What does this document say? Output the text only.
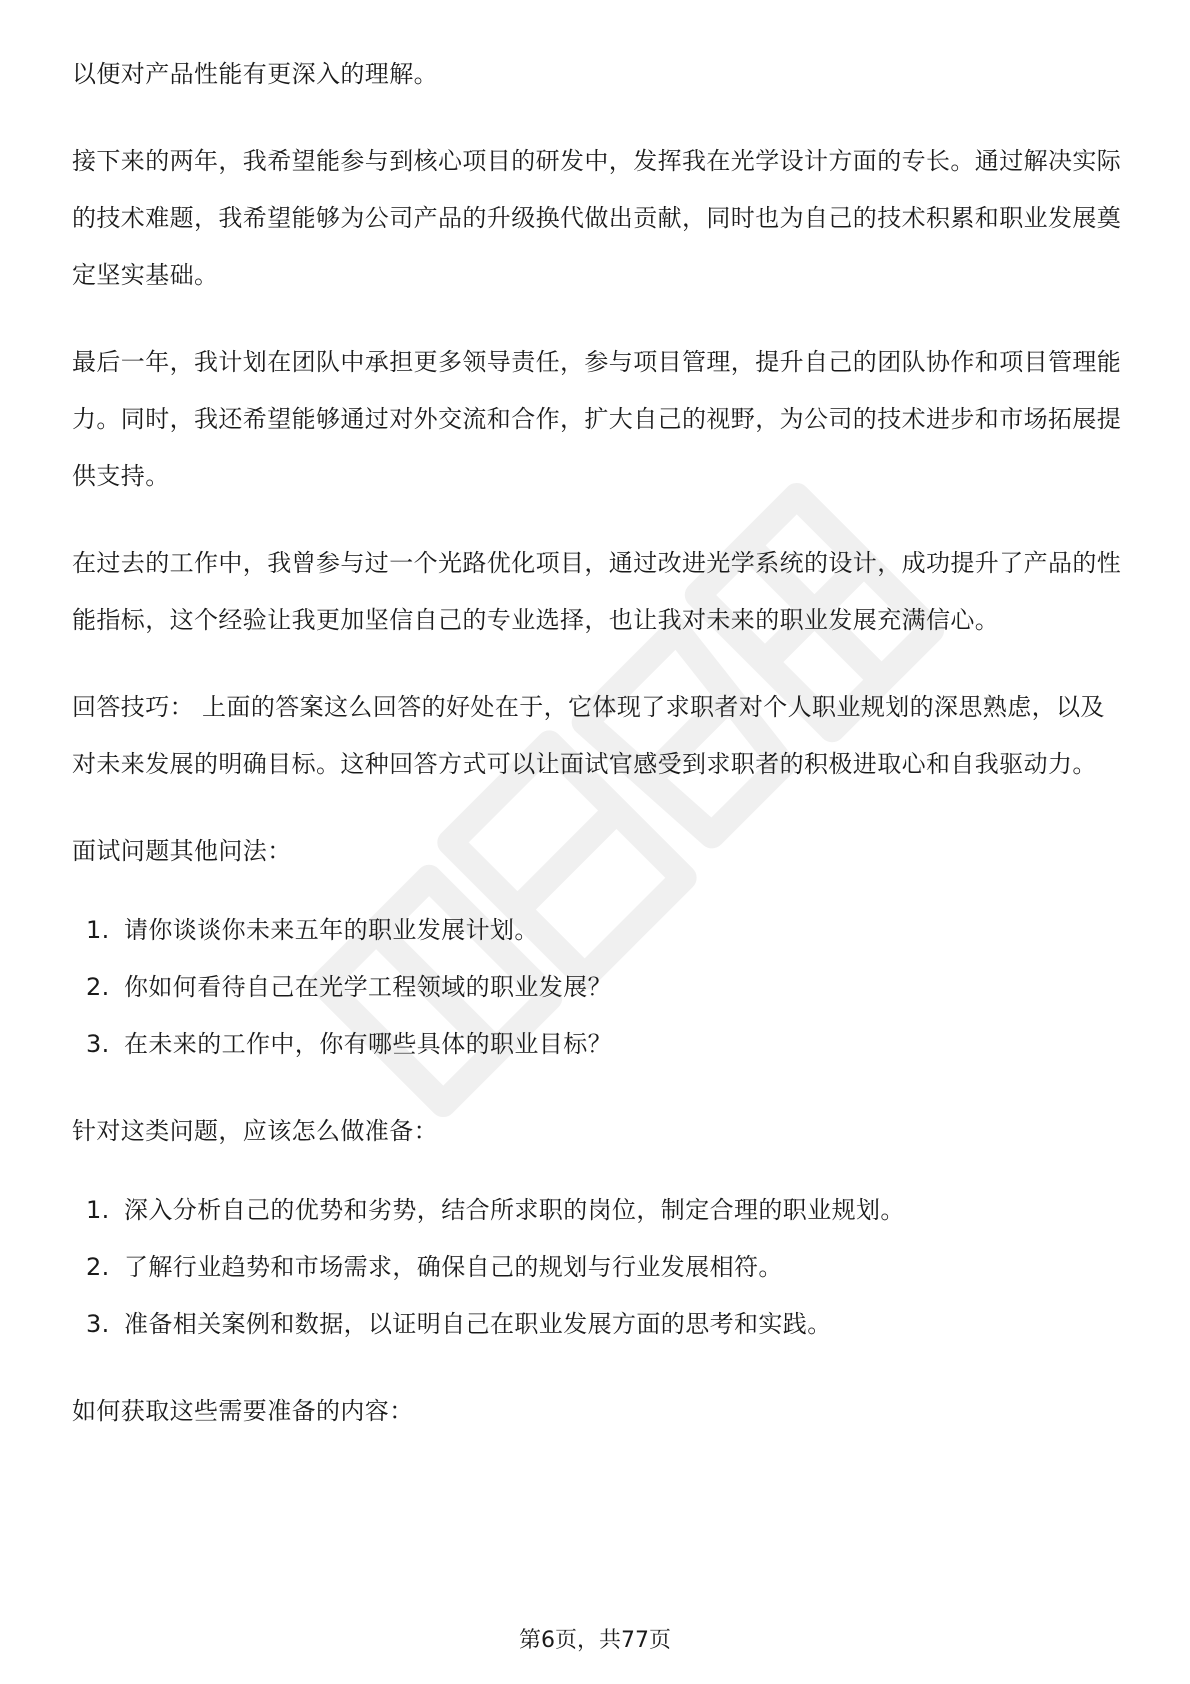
以便对产品性能有更深入的理解。

接下来的两年，我希望能参与到核心项目的研发中，发挥我在光学设计方面的专长。通过解决实际的技术难题，我希望能够为公司产品的升级换代做出贡献，同时也为自己的技术积累和职业发展奠定坚实基础。

最后一年，我计划在团队中承担更多领导责任，参与项目管理，提升自己的团队协作和项目管理能力。同时，我还希望能够通过对外交流和合作，扩大自己的视野，为公司的技术进步和市场拓展提供支持。

在过去的工作中，我曾参与过一个光路优化项目，通过改进光学系统的设计，成功提升了产品的性能指标，这个经验让我更加坚信自己的专业选择，也让我对未来的职业发展充满信心。

回答技巧： 上面的答案这么回答的好处在于，它体现了求职者对个人职业规划的深思熟虑，以及对未来发展的明确目标。这种回答方式可以让面试官感受到求职者的积极进取心和自我驱动力。

面试问题其他问法：

1. 请你谈谈你未来五年的职业发展计划。
2. 你如何看待自己在光学工程领域的职业发展？
3. 在未来的工作中，你有哪些具体的职业目标？

针对这类问题，应该怎么做准备：

1. 深入分析自己的优势和劣势，结合所求职的岗位，制定合理的职业规划。
2. 了解行业趋势和市场需求，确保自己的规划与行业发展相符。
3. 准备相关案例和数据，以证明自己在职业发展方面的思考和实践。

如何获取这些需要准备的内容：

第6页，共77页
